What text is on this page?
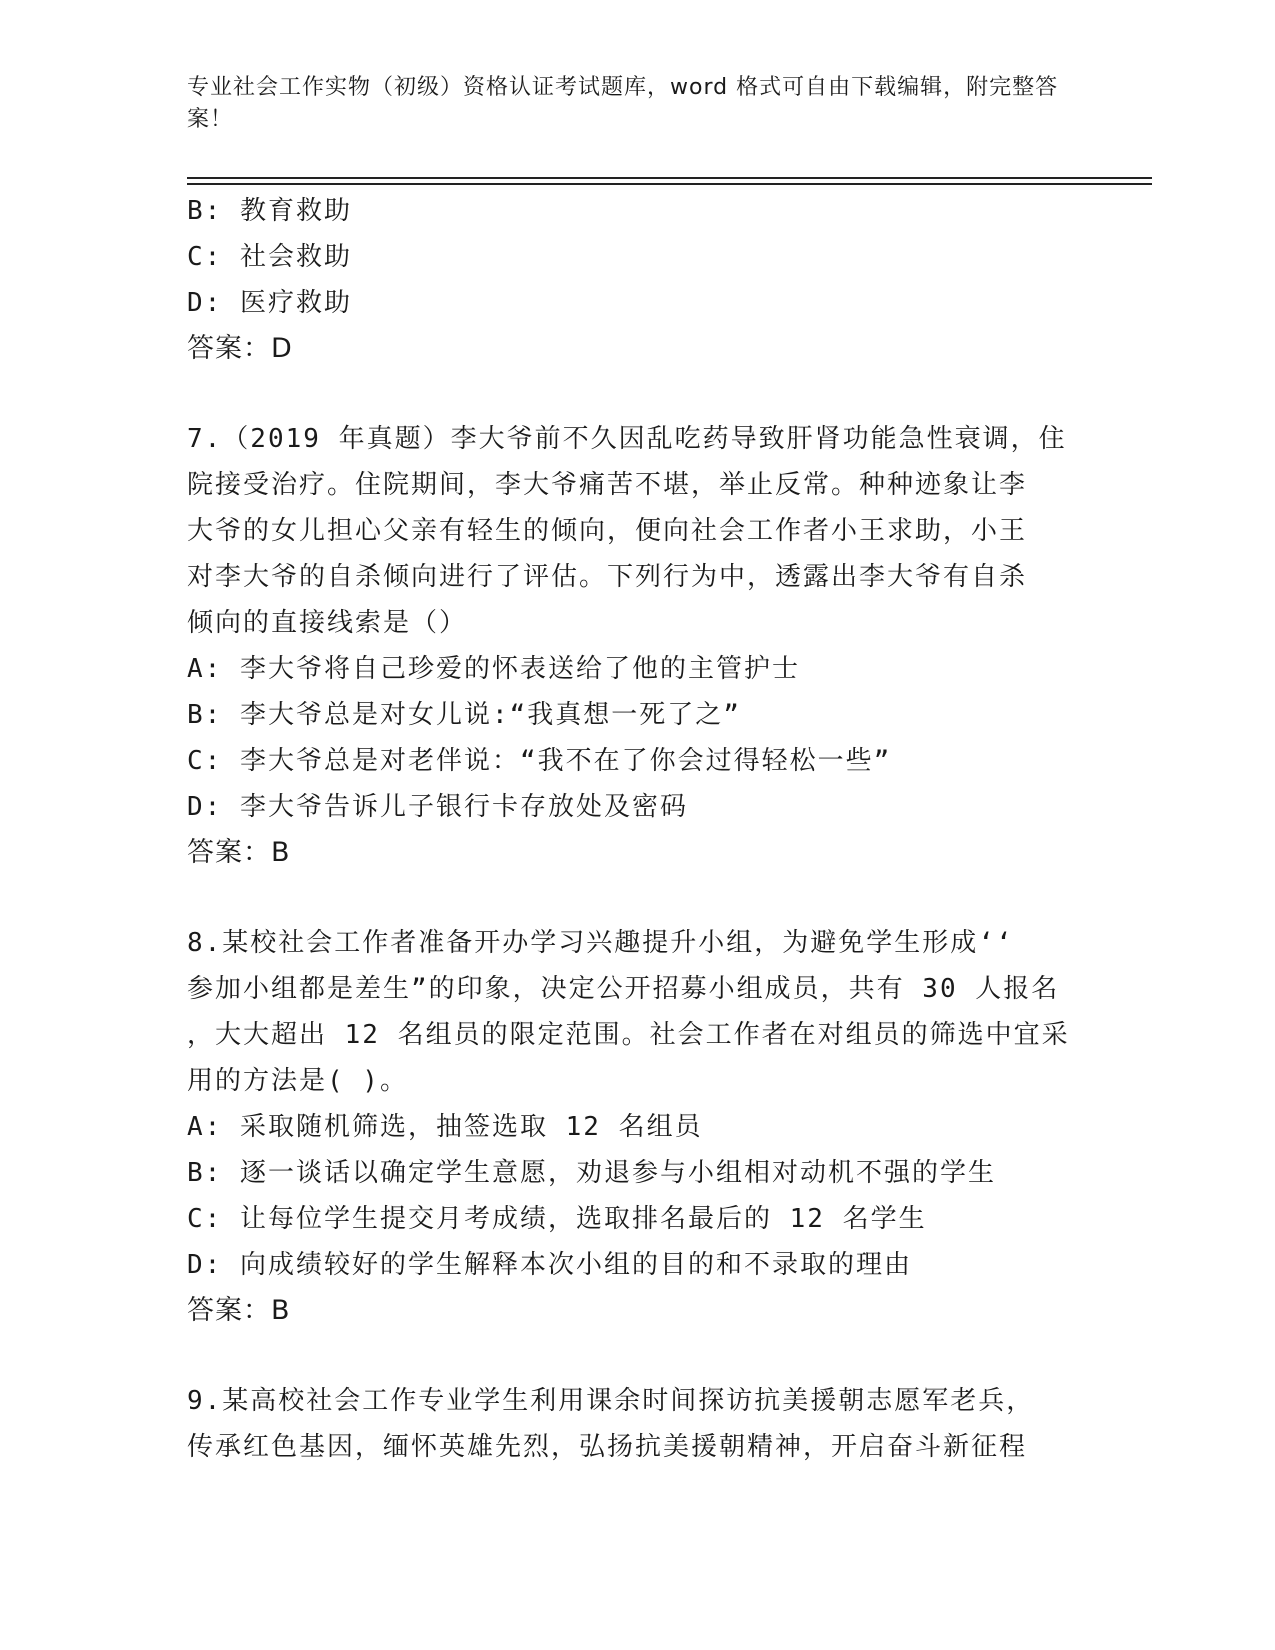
专业社会工作实物（初级）资格认证考试题库，word 格式可自由下载编辑，附完整答案！
B: 教育救助
C: 社会救助
D: 医疗救助
答案：D
7.（2019 年真题）李大爷前不久因乱吃药导致肝肾功能急性衰调，住
院接受治疗。住院期间，李大爷痛苦不堪，举止反常。种种迹象让李
大爷的女儿担心父亲有轻生的倾向，便向社会工作者小王求助，小王
对李大爷的自杀倾向进行了评估。下列行为中，透露出李大爷有自杀
倾向的直接线索是（）
A: 李大爷将自己珍爱的怀表送给了他的主管护士
B: 李大爷总是对女儿说:“我真想一死了之”
C: 李大爷总是对老伴说：“我不在了你会过得轻松一些”
D: 李大爷告诉儿子银行卡存放处及密码
答案：B
8.某校社会工作者准备开办学习兴趣提升小组，为避免学生形成‘‘
参加小组都是差生”的印象，决定公开招募小组成员，共有 30 人报名
，大大超出 12 名组员的限定范围。社会工作者在对组员的筛选中宜采
用的方法是( )。
A: 采取随机筛选，抽签选取 12 名组员
B: 逐一谈话以确定学生意愿，劝退参与小组相对动机不强的学生
C: 让每位学生提交月考成绩，选取排名最后的 12 名学生
D: 向成绩较好的学生解释本次小组的目的和不录取的理由
答案：B
9.某高校社会工作专业学生利用课余时间探访抗美援朝志愿军老兵，
传承红色基因，缅怀英雄先烈，弘扬抗美援朝精神，开启奋斗新征程
